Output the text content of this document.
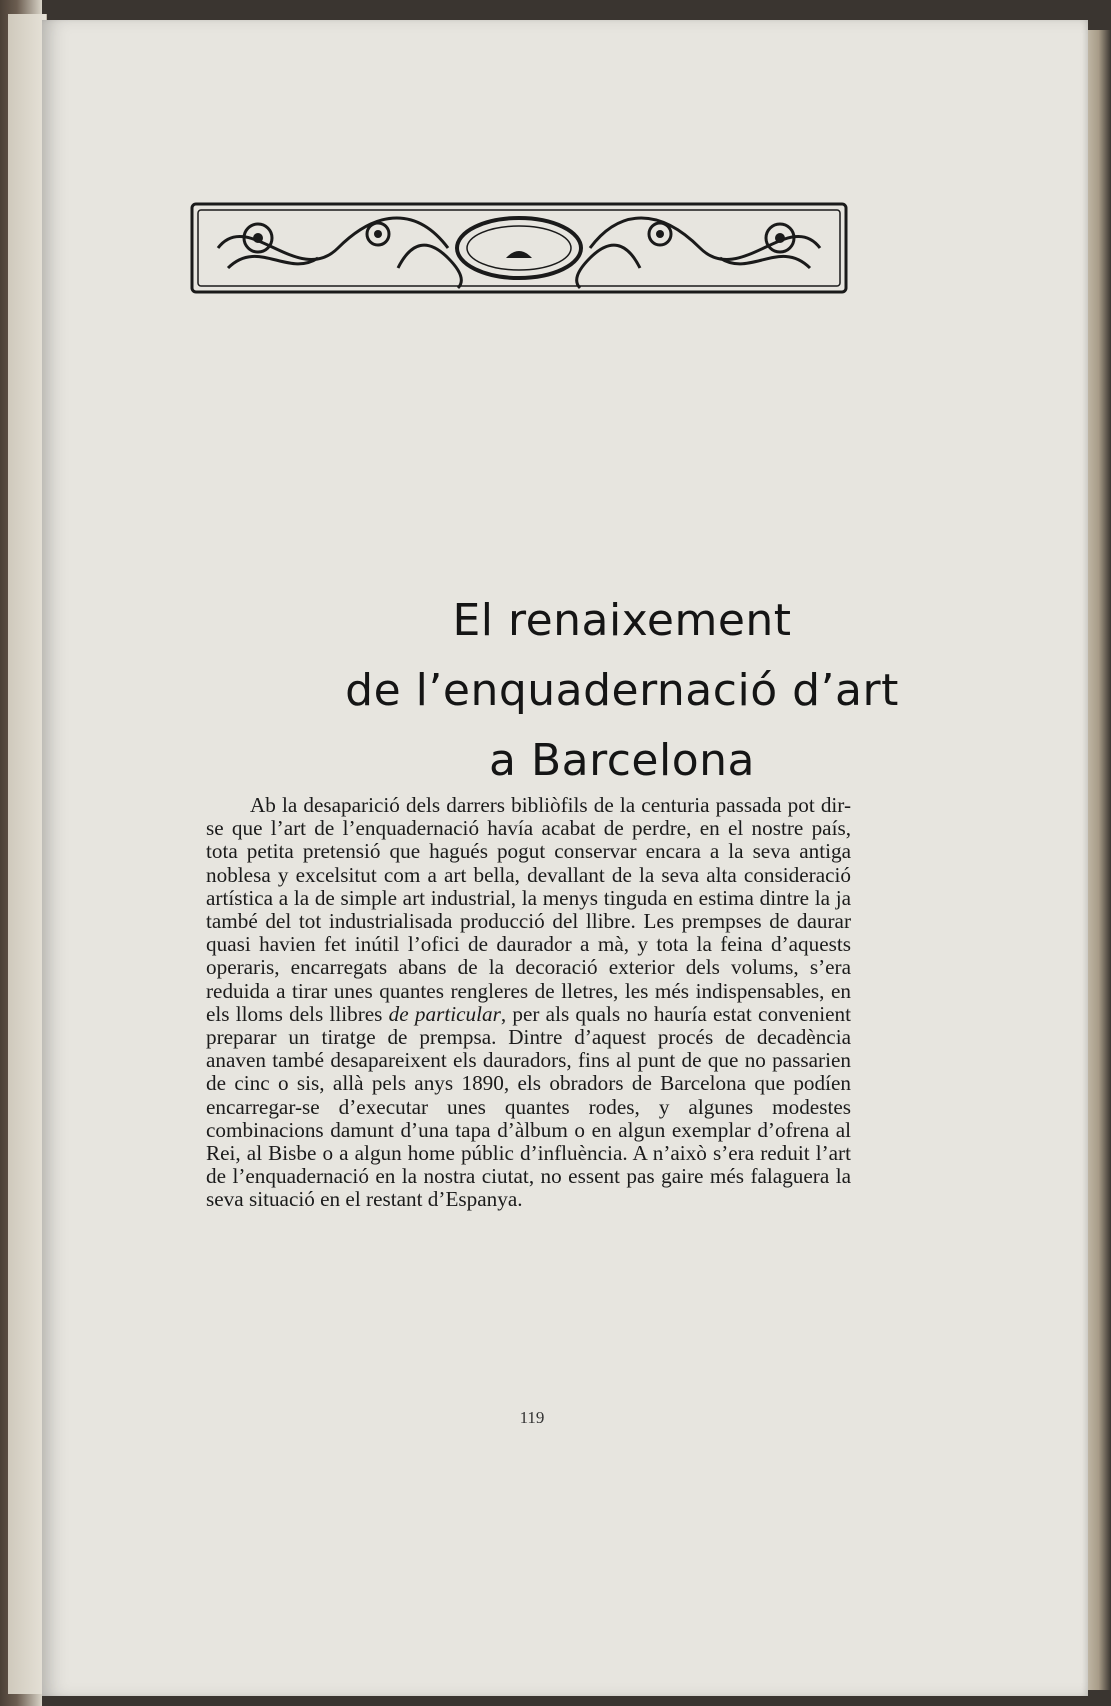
El renaixement
de l’enquadernació d’art
a Barcelona

Ab la desaparició dels darrers bibliòfils de la centuria passada pot dir-se que l’art de l’enquadernació havía acabat de perdre, en el nostre país, tota petita pretensió que hagués pogut conservar encara a la seva antiga noblesa y excelsitut com a art bella, devallant de la seva alta consideració artística a la de simple art industrial, la menys tinguda en estima dintre la ja també del tot industrialisada producció del llibre. Les prempses de daurar quasi havien fet inútil l’ofici de daurador a mà, y tota la feina d’aquests operaris, encarregats abans de la decoració exterior dels volums, s’era reduida a tirar unes quantes rengleres de lletres, les més indispensables, en els lloms dels llibres de particular, per als quals no hauría estat convenient preparar un tiratge de prempsa. Dintre d’aquest procés de decadència anaven també desapareixent els dauradors, fins al punt de que no passarien de cinc o sis, allà pels anys 1890, els obradors de Barcelona que podíen encarregar-se d’executar unes quantes rodes, y algunes modestes combinacions damunt d’una tapa d’àlbum o en algun exemplar d’ofrena al Rei, al Bisbe o a algun home públic d’influència. A n’això s’era reduit l’art de l’enquadernació en la nostra ciutat, no essent pas gaire més falaguera la seva situació en el restant d’Espanya.

119
